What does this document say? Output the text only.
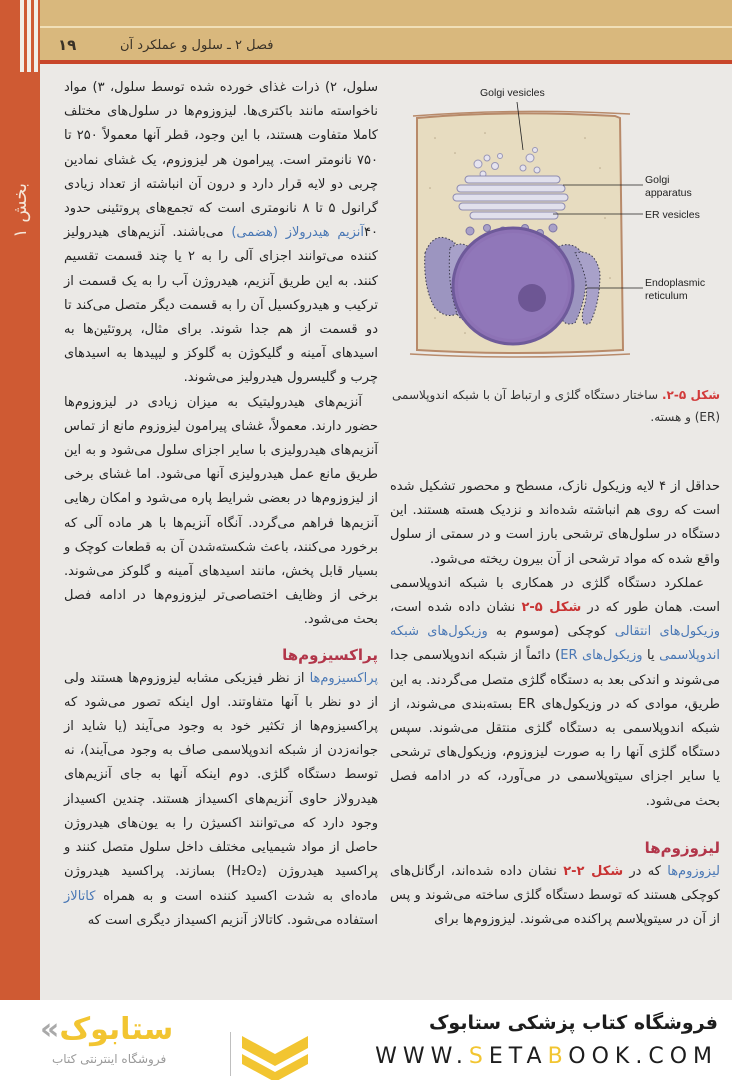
بخش ۱
۱۹	فصل ۲ ـ سلول و عملکرد آن

سلول، ۲) ذرات غذای خورده شده توسط سلول، ۳) مواد ناخواسته مانند باکتری‌ها. لیزوزوم‌ها در سلول‌های مختلف کاملا متفاوت هستند، با این وجود، قطر آنها معمولاً ۲۵۰ تا ۷۵۰ نانومتر است. پیرامون هر لیزوزوم، یک غشای نمادین چربی دو لایه قرار دارد و درون آن انباشته از تعداد زیادی گرانول ۵ تا ۸ نانومتری است که تجمع‌های پروتئینی حدود ۴۰آنزیم هیدرولاز (هضمی) می‌باشند. آنزیم‌های هیدرولیز کننده می‌توانند اجزای آلی را به ۲ یا چند قسمت تقسیم کنند. به این طریق آنزیم، هیدروژن آب را به یک قسمت از ترکیب و هیدروکسیل آن را به قسمت دیگر متصل می‌کند تا دو قسمت از هم جدا شوند. برای مثال، پروتئین‌ها به اسیدهای آمینه و گلیکوژن به گلوکز و لیپیدها به اسیدهای چرب و گلیسرول هیدرولیز می‌شوند.

آنزیم‌های هیدرولیتیک به میزان زیادی در لیزوزوم‌ها حضور دارند. معمولاً، غشای پیرامون لیزوزوم مانع از تماس آنزیم‌های هیدرولیزی با سایر اجزای سلول می‌شود و به این طریق مانع عمل هیدرولیزی آنها می‌شود. اما غشای برخی از لیزوزوم‌ها در بعضی شرایط پاره می‌شود و امکان رهایی آنزیم‌ها فراهم می‌گردد. آنگاه آنزیم‌ها با هر ماده آلی که برخورد می‌کنند، باعث شکسته‌شدن آن به قطعات کوچک و بسیار قابل پخش، مانند اسیدهای آمینه و گلوکز می‌شوند. برخی از وظایف اختصاصی‌تر لیزوزوم‌ها در ادامه فصل بحث می‌شود.

پراکسیزوم‌ها

پراکسیزوم‌ها از نظر فیزیکی مشابه لیزوزوم‌ها هستند ولی از دو نظر با آنها متفاوتند. اول اینکه تصور می‌شود که پراکسیزوم‌ها از تکثیر خود به وجود می‌آیند (یا شاید از جوانه‌زدن از شبکه اندوپلاسمی صاف به وجود می‌آیند)، نه توسط دستگاه گلژی. دوم اینکه آنها به جای آنزیم‌های هیدرولاز حاوی آنزیم‌های اکسیداز هستند. چندین اکسیداز وجود دارد که می‌توانند اکسیژن را به یون‌های هیدروژن حاصل از مواد شیمیایی مختلف داخل سلول متصل کنند و پراکسید هیدروژن (H₂O₂) بسازند. پراکسید هیدروژن ماده‌ای به شدت اکسید کننده است و به همراه کاتالاز استفاده می‌شود. کاتالاز آنزیم اکسیداز دیگری است که

Golgi vesicles
Golgi
apparatus
ER vesicles
Endoplasmic
reticulum
شکل ۵-۲. ساختار دستگاه گلژی و ارتباط آن با شبکه اندوپلاسمی (ER) و هسته.

حداقل از ۴ لایه وزیکول نازک، مسطح و محصور تشکیل شده است که روی هم انباشته شده‌اند و نزدیک هسته هستند. این دستگاه در سلول‌های ترشحی بارز است و در سمتی از سلول واقع شده که مواد ترشحی از آن بیرون ریخته می‌شود.

عملکرد دستگاه گلژی در همکاری با شبکه اندوپلاسمی است. همان طور که در شکل ۵-۲ نشان داده شده است، وزیکول‌های انتقالی کوچکی (موسوم به وزیکول‌های شبکه اندوپلاسمی یا وزیکول‌های ER) دائماً از شبکه اندوپلاسمی جدا می‌شوند و اندکی بعد به دستگاه گلژی متصل می‌گردند. به این طریق، موادی که در وزیکول‌های ER بسته‌بندی می‌شوند، از شبکه اندوپلاسمی به دستگاه گلژی منتقل می‌شوند. سپس دستگاه گلژی آنها را به صورت لیزوزوم، وزیکول‌های ترشحی یا سایر اجزای سیتوپلاسمی در می‌آورد، که در ادامه فصل بحث می‌شود.

لیزوزوم‌ها

لیزوزوم‌ها که در شکل ۲-۲ نشان داده شده‌اند، ارگانل‌های کوچکی هستند که توسط دستگاه گلژی ساخته می‌شوند و پس از آن در سیتوپلاسم پراکنده می‌شوند. لیزوزوم‌ها برای

«ستابوک
فروشگاه اینترنتی کتاب
فروشگاه کتاب پزشکی ستابوک
WWW.SETABOOK.COM
